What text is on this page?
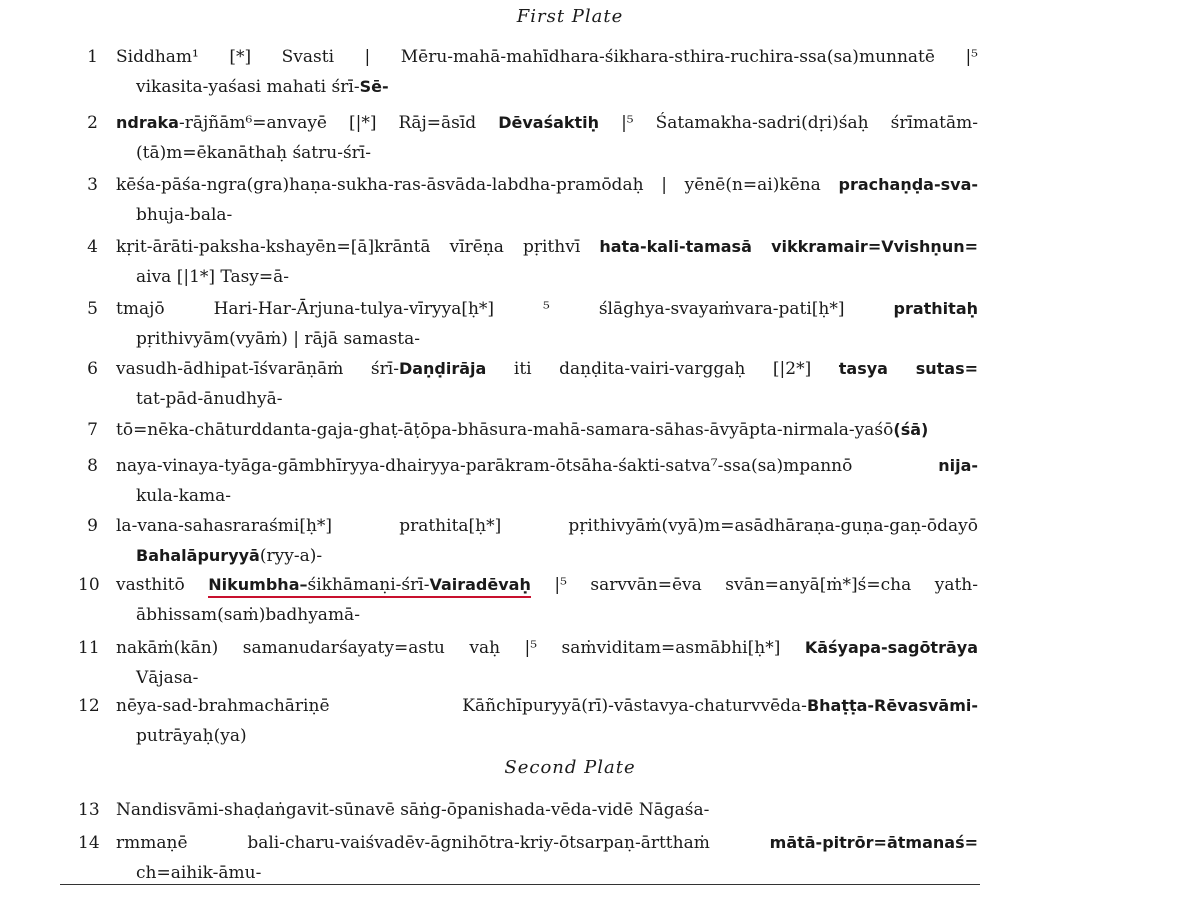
First Plate
1 Siddham¹ [*] Svasti | Mēru-mahā-mahīdhara-śikhara-sthira-ruchira-ssa(sa)munnatē |⁵
vikasita-yaśasi mahati śrī-Sē-
2 ndraka-rājñām⁶=anvayē [|*] Rāj=āsīd Dēvaśaktiḥ |⁵ Śatamakha-sadri(dṛi)śaḥ śrīmatām-
(tā)m=ēkanāthaḥ śatru-śrī-
3 kēśa-pāśa-ngra(gra)haṇa-sukha-ras-āsvāda-labdha-pramōdaḥ | yēnē(n=ai)kēna prachaṇḍa-sva-
bhuja-bala-
4 kṛit-ārāti-paksha-kshayēn=[ā]krāntā vīrēṇa pṛithvī hata-kali-tamasā vikkramair=Vvishṇun=
aiva [|1*] Tasy=ā-
5 tmajō Hari-Har-Ārjuna-tulya-vīryya[ḥ*] ⁵ ślāghya-svayaṁvara-pati[ḥ*] prathitaḥ
pṛithivyām(vyāṁ) | rājā samasta-
6 vasudh-ādhipat-īśvarāṇāṁ śrī-Daṇḍirāja iti daṇḍita-vairi-varggaḥ [|2*] tasya sutas=
tat-pād-ānudhyā-
7 tō=nēka-chāturddanta-gaja-ghaṭ-āṭōpa-bhāsura-mahā-samara-sāhas-āvyāpta-nirmala-yaśō(śā)
8 naya-vinaya-tyāga-gāmbhīryya-dhairyya-parākram-ōtsāha-śakti-satva⁷-ssa(sa)mpannō nija-
kula-kama-
9 la-vana-sahasraraśmi[ḥ*] prathita[ḥ*] pṛithivyāṁ(vyā)m=asādhāraṇa-guṇa-gaṇ-ōdayō
Bahalāpuryyā(ryy-a)-
10 vasthitō Nikumbha–śikhāmaṇi-śrī-Vairadēvaḥ |⁵ sarvvān=ēva svān=anyā[ṁ*]ś=cha yath-
ābhissam(saṁ)badhyamā-
11 nakāṁ(kān) samanudarśayaty=astu vaḥ |⁵ saṁviditam=asmābhi[ḥ*] Kāśyapa-sagōtrāya
Vājasa-
12 nēya-sad-brahmachāriṇē Kāñchīpuryyā(rī)-vāstavya-chaturvvēda-Bhaṭṭa-Rēvasvāmi-
putrāyaḥ(ya)
Second Plate
13 Nandisvāmi-shaḍaṅgavit-sūnavē sāṅg-ōpanishada-vēda-vidē Nāgaśa-
14 rmmaṇē bali-charu-vaiśvadēv-āgnihōtra-kriy-ōtsarpaṇ-ārtthaṁ mātā-pitrōr=ātmanaś=
ch=aihik-āmu-
